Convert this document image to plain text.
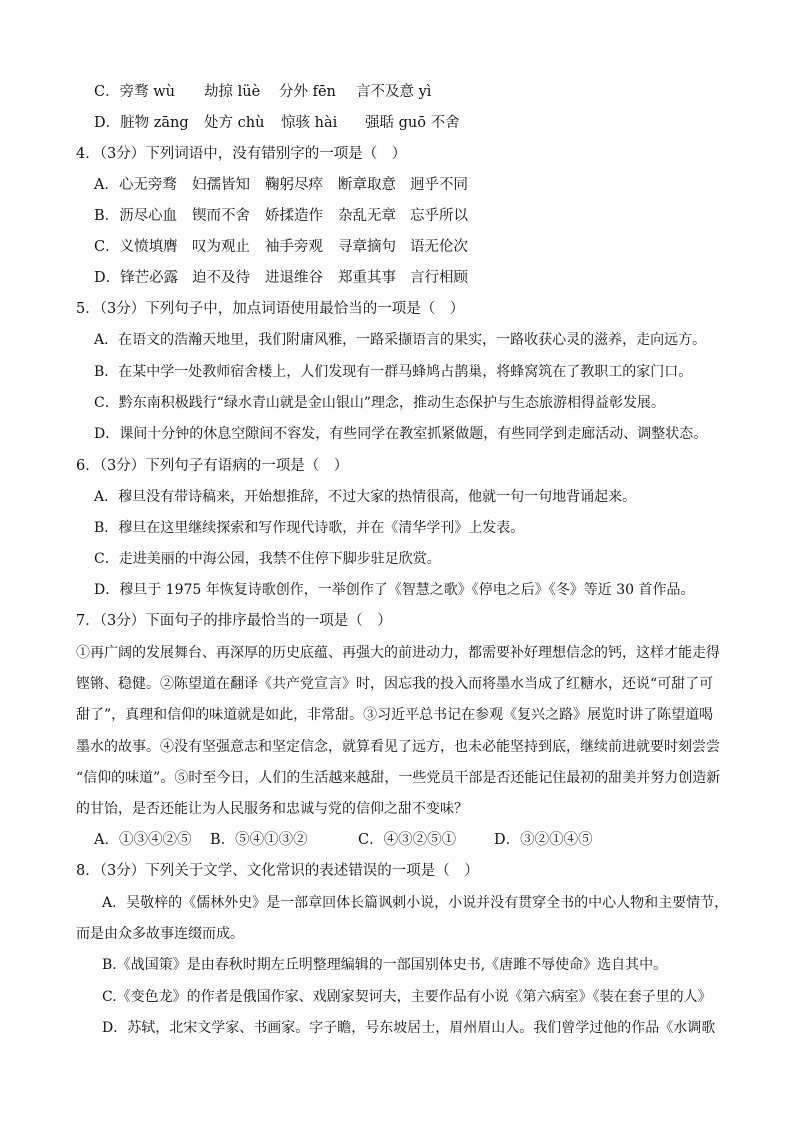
C．旁骛 wù 劫掠 lüè 分外 fēn 言不及意 yì
D．脏物 zāng 处方 chù 惊骇 hài 强聒 guō 不舍
4．（3分）下列词语中，没有错别字的一项是（　）
A．心无旁骛 妇孺皆知 鞠躬尽瘁 断章取意 迥乎不同
B．沥尽心血 锲而不舍 娇揉造作 杂乱无章 忘乎所以
C．义愤填膺 叹为观止 袖手旁观 寻章摘句 语无伦次
D．锋芒必露 迫不及待 进退维谷 郑重其事 言行相顾
5．（3分）下列句子中，加点词语使用最恰当的一项是（　）
A．在语文的浩瀚天地里，我们附庸风雅，一路采撷语言的果实，一路收获心灵的滋养，走向远方。
B．在某中学一处教师宿舍楼上，人们发现有一群马蜂鸠占鹊巢，将蜂窝筑在了教职工的家门口。
C．黔东南积极践行“绿水青山就是金山银山”理念，推动生态保护与生态旅游相得益彰发展。
D．课间十分钟的休息空隙间不容发，有些同学在教室抓紧做题，有些同学到走廊活动、调整状态。
6．（3分）下列句子有语病的一项是（　）
A．穆旦没有带诗稿来，开始想推辞，不过大家的热情很高，他就一句一句地背诵起来。
B．穆旦在这里继续探索和写作现代诗歌，并在《清华学刊》上发表。
C．走进美丽的中海公园，我禁不住停下脚步驻足欣赏。
D．穆旦于 1975 年恢复诗歌创作，一举创作了《智慧之歌》《停电之后》《冬》等近 30 首作品。
7．（3分）下面句子的排序最恰当的一项是（　）
①再广阔的发展舞台、再深厚的历史底蕴、再强大的前进动力，都需要补好理想信念的钙，这样才能走得
铿锵、稳健。②陈望道在翻译《共产党宣言》时，因忘我的投入而将墨水当成了红糖水，还说“可甜了可
甜了”，真理和信仰的味道就是如此，非常甜。③习近平总书记在参观《复兴之路》展览时讲了陈望道喝
墨水的故事。④没有坚强意志和坚定信念，就算看见了远方，也未必能坚持到底，继续前进就要时刻尝尝
“信仰的味道”。⑤时至今日，人们的生活越来越甜，一些党员干部是否还能记住最初的甜美并努力创造新
的甘饴，是否还能让为人民服务和忠诚与党的信仰之甜不变味？
A．①③④②⑤ B．⑤④①③②	C．④③②⑤①	D．③②①④⑤
8．（3分）下列关于文学、文化常识的表述错误的一项是（　）
A．吴敬梓的《儒林外史》是一部章回体长篇讽刺小说，小说并没有贯穿全书的中心人物和主要情节，
而是由众多故事连缀而成。
B.《战国策》是由春秋时期左丘明整理编辑的一部国别体史书,《唐雎不辱使命》选自其中。
C.《变色龙》的作者是俄国作家、戏剧家契诃夫，主要作品有小说《第六病室》《装在套子里的人》
D．苏轼，北宋文学家、书画家。字子瞻，号东坡居士，眉州眉山人。我们曾学过他的作品《水调歌
